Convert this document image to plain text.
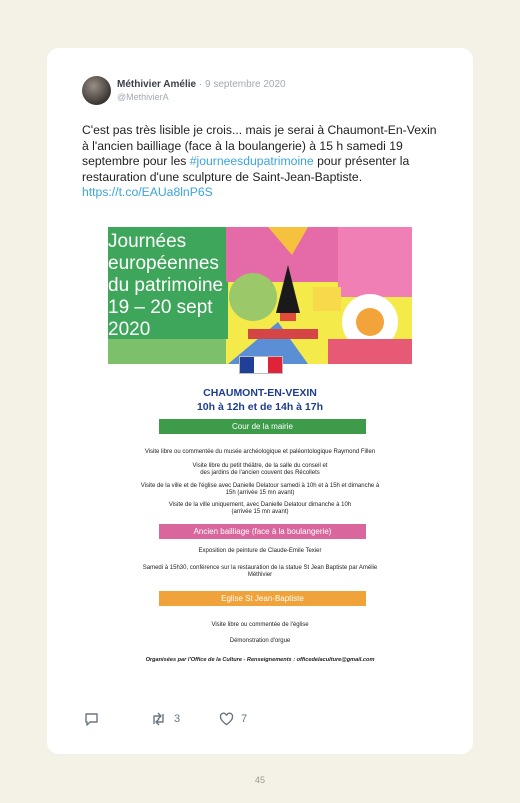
Méthivier Amélie · 9 septembre 2020
@MethivierA
C'est pas très lisible je crois... mais je serai à Chaumont-En-Vexin à l'ancien bailliage (face à la boulangerie) à 15 h samedi 19 septembre pour les #journeesdupatrimoine pour présenter la restauration d'une sculpture de Saint-Jean-Baptiste. https://t.co/EAUa8lnP6S
Journées
européennes
du patrimoine
19 – 20 sept
2020
CHAUMONT-EN-VEXIN
10h à 12h et de 14h à 17h
Cour de la mairie
Visite libre ou commentée du musée archéologique et paléontologique Raymond Fillen
Visite libre du petit théâtre, de la salle du conseil et
des jardins de l'ancien couvent des Récollets
Visite de la ville et de l'église avec Danielle Delatour samedi à 10h et à 15h et dimanche à
15h (arrivée 15 mn avant)
Visite de la ville uniquement, avec Danielle Delatour dimanche à 10h
(arrivée 15 mn avant)
Ancien bailliage (face à la boulangerie)
Exposition de peinture de Claude-Emile Texier
Samedi à 15h30, conférence sur la restauration de la statue St Jean Baptiste par Amélie
Méthivier
Eglise St Jean-Baptiste
Visite libre ou commentée de l'église
Démonstration d'orgue
Organisées par l'Office de la Culture - Renseignements : officedelaculture@gmail.com
3	7
45
